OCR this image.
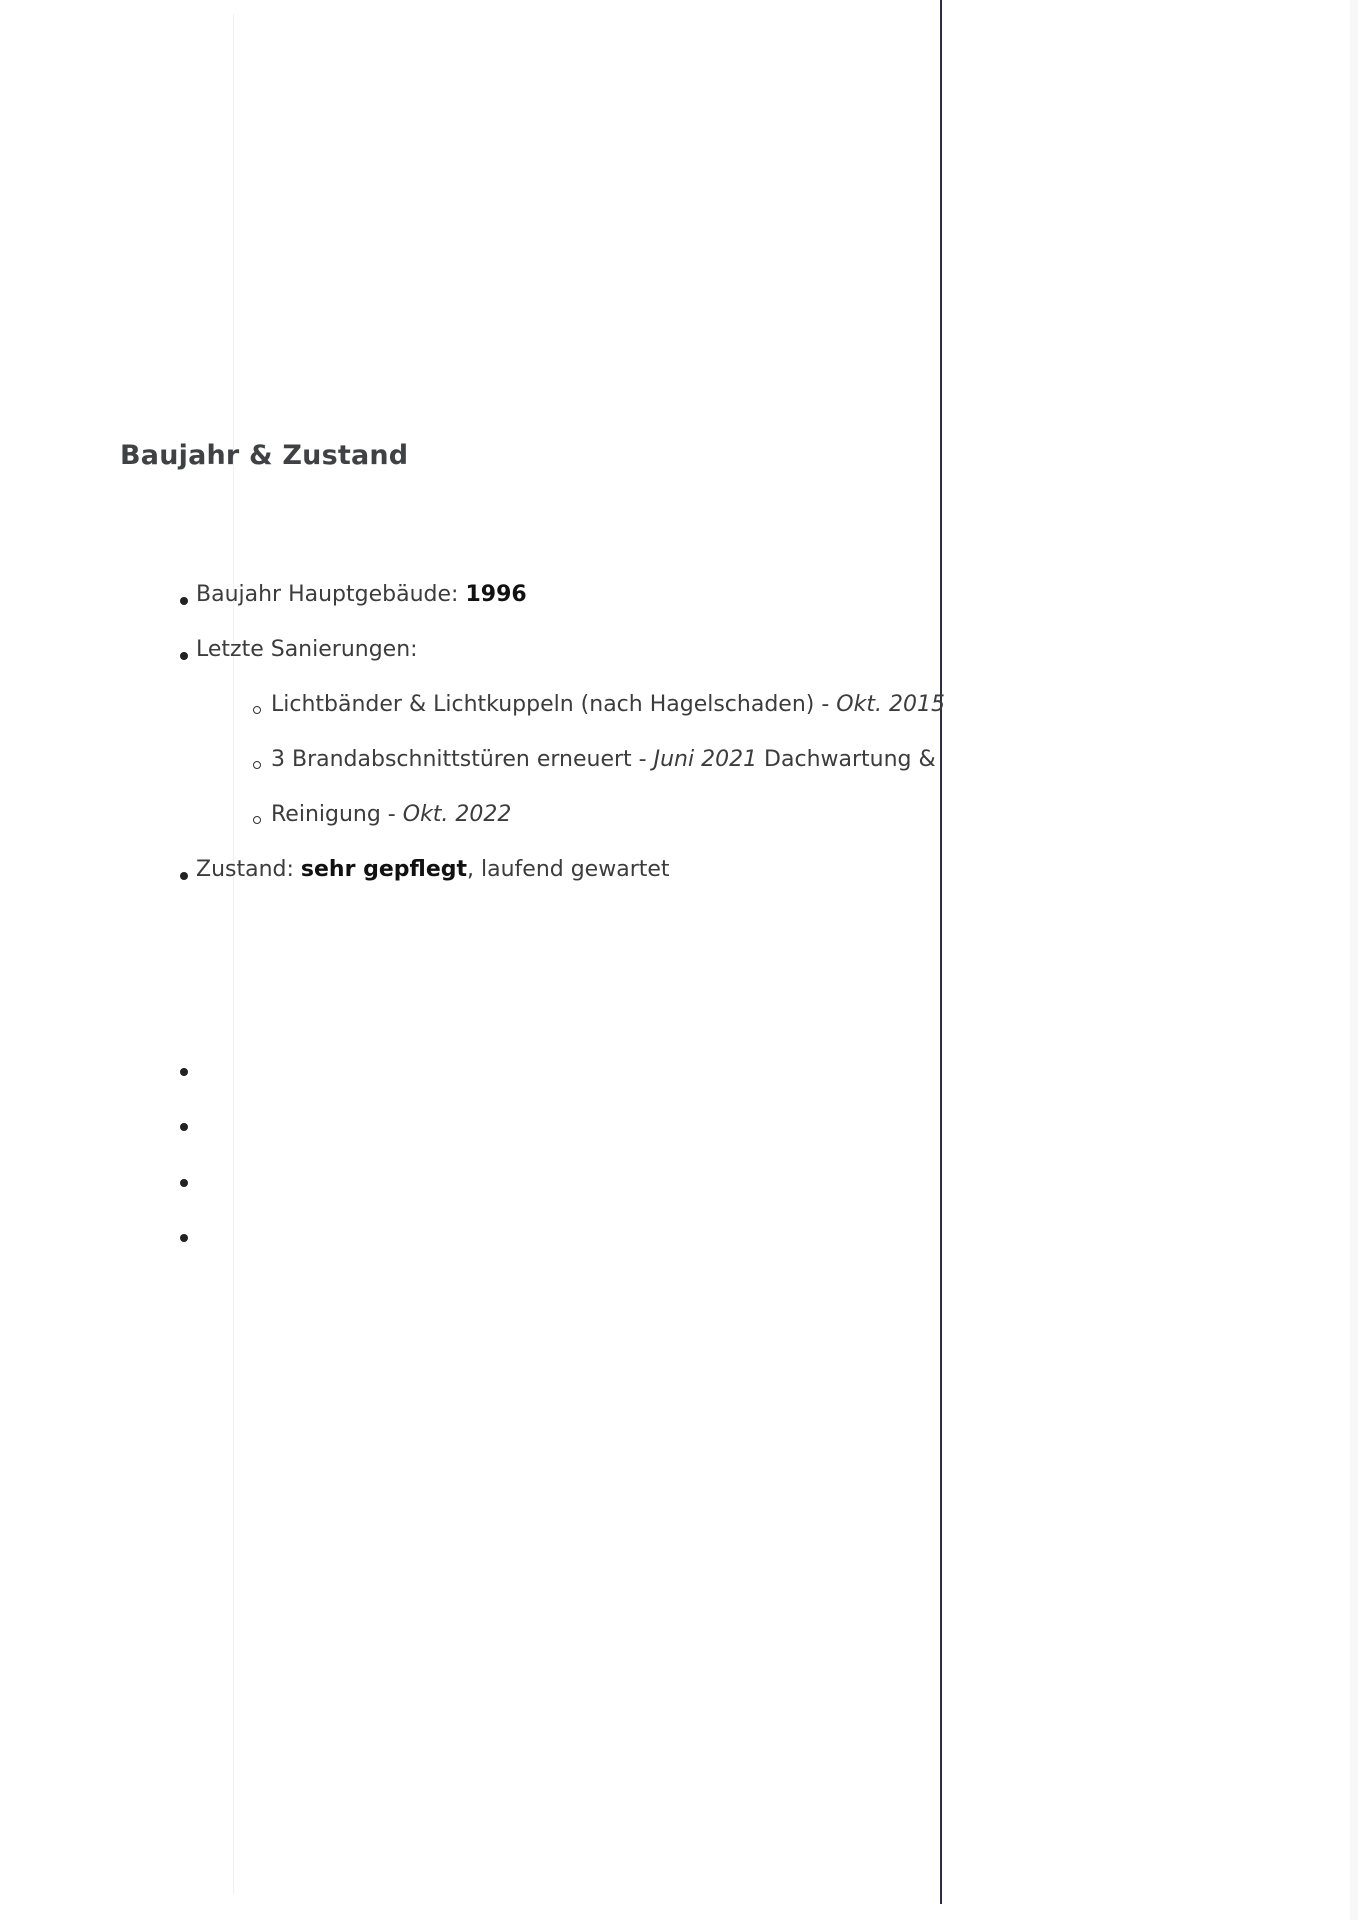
Baujahr & Zustand
Baujahr Hauptgebäude: 1996
Letzte Sanierungen:
Lichtbänder & Lichtkuppeln (nach Hagelschaden) - Okt. 2015
3 Brandabschnittstüren erneuert - Juni 2021 Dachwartung &
Reinigung - Okt. 2022
Zustand: sehr gepflegt, laufend gewartet
